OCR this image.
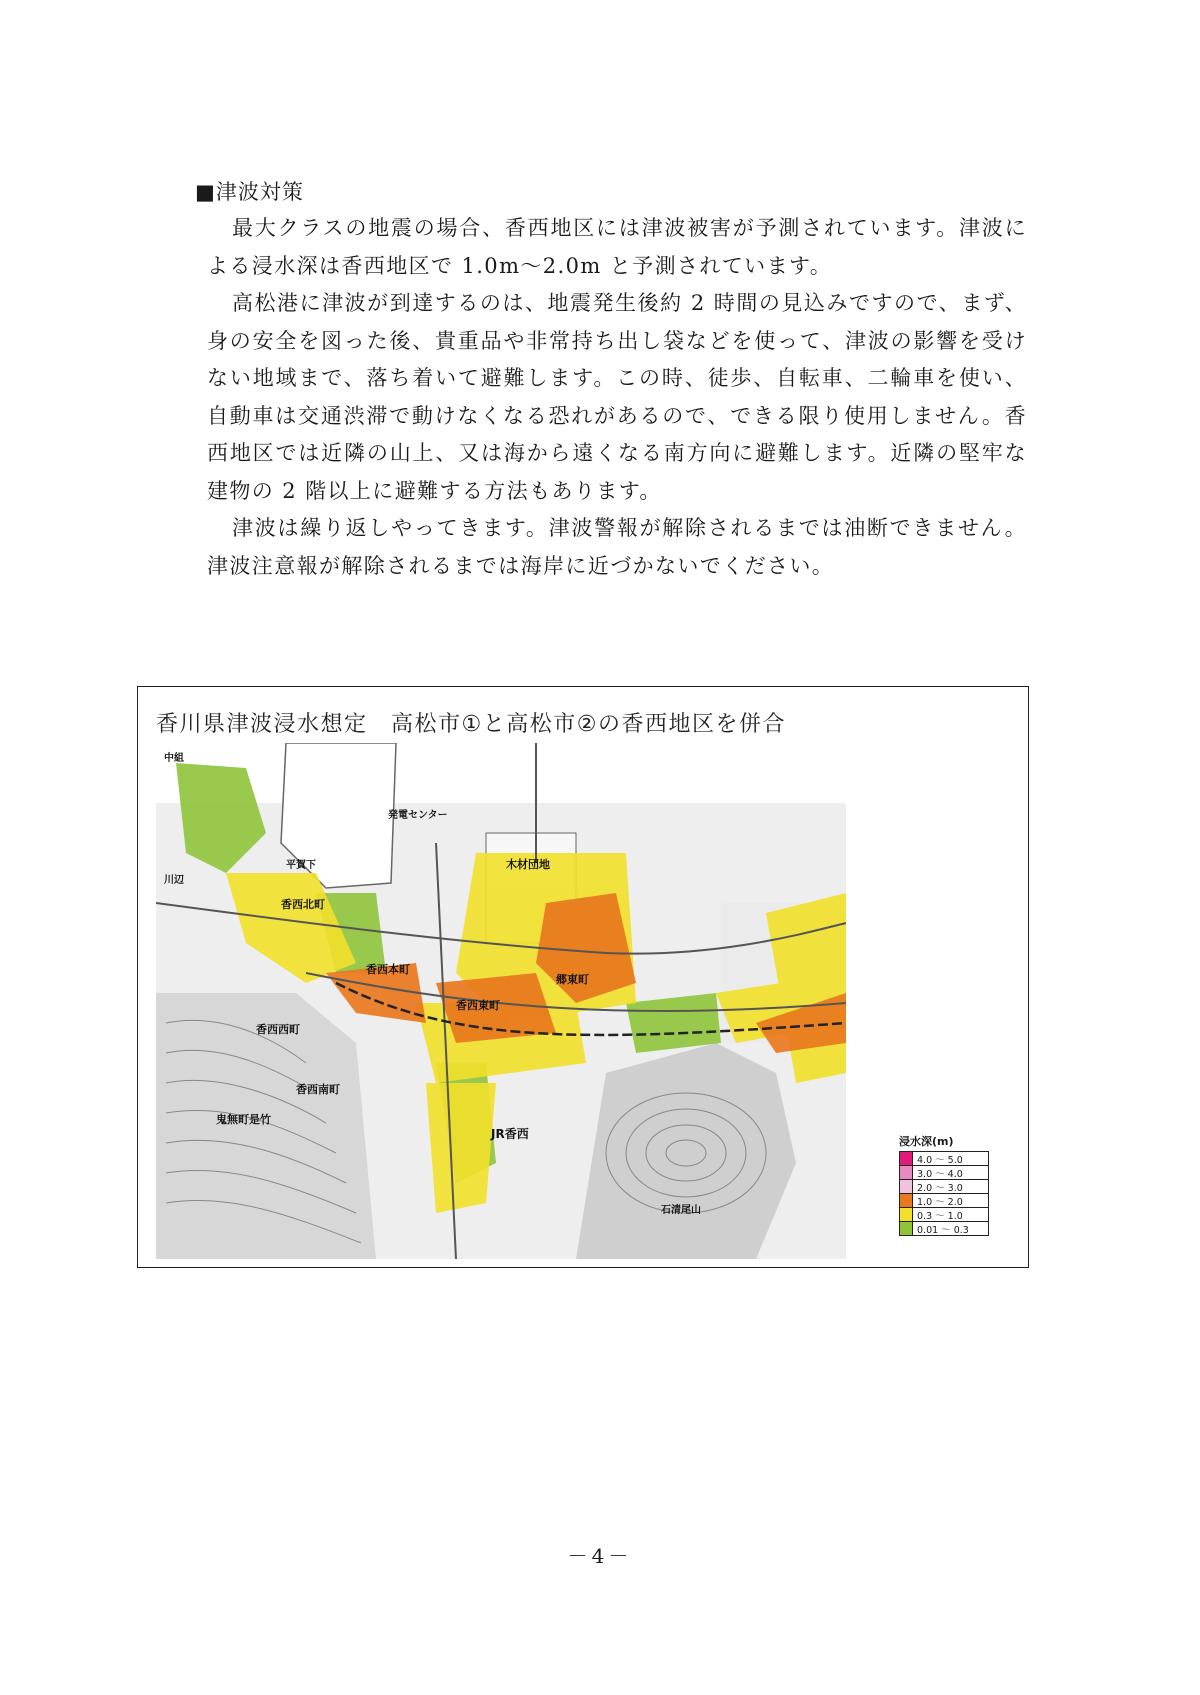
■津波対策

最大クラスの地震の場合、香西地区には津波被害が予測されています。津波による浸水深は香西地区で 1.0m～2.0m と予測されています。

高松港に津波が到達するのは、地震発生後約 2 時間の見込みですので、まず、身の安全を図った後、貴重品や非常持ち出し袋などを使って、津波の影響を受けない地域まで、落ち着いて避難します。この時、徒歩、自転車、二輪車を使い、自動車は交通渋滞で動けなくなる恐れがあるので、できる限り使用しません。香西地区では近隣の山上、又は海から遠くなる南方向に避難します。近隣の堅牢な建物の 2 階以上に避難する方法もあります。

津波は繰り返しやってきます。津波警報が解除されるまでは油断できません。津波注意報が解除されるまでは海岸に近づかないでください。

香川県津波浸水想定　高松市①と高松市②の香西地区を併合
中組
平賀下
川辺
香西北町
香西本町
香西西町
香西東町
郷東町
木材団地
香西南町
鬼無町是竹
JR香西
石清尾山
発電センター
浸水深(m)
4.0 ～ 5.0
3.0 ～ 4.0
2.0 ～ 3.0
1.0 ～ 2.0
0.3 ～ 1.0
0.01 ～ 0.3
－4－
